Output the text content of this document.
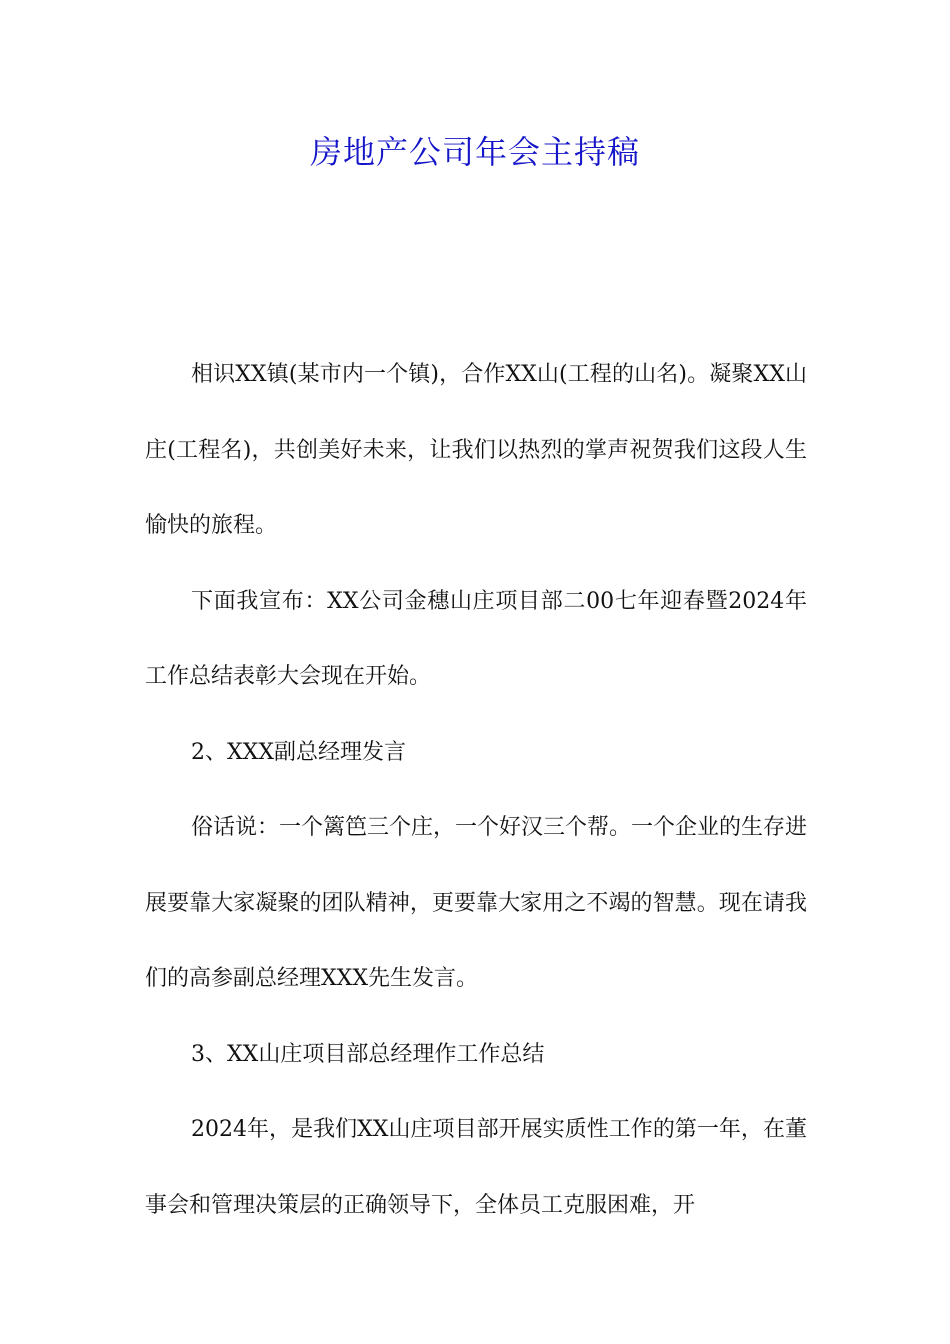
房地产公司年会主持稿

相识XX镇(某市内一个镇)，合作XX山(工程的山名)。凝聚XX山庄(工程名)，共创美好未来，让我们以热烈的掌声祝贺我们这段人生愉快的旅程。

下面我宣布：XX公司金穗山庄项目部二00七年迎春暨2024年工作总结表彰大会现在开始。

2、XXX副总经理发言

俗话说：一个篱笆三个庄，一个好汉三个帮。一个企业的生存进展要靠大家凝聚的团队精神，更要靠大家用之不竭的智慧。现在请我们的高参副总经理XXX先生发言。

3、XX山庄项目部总经理作工作总结

2024年，是我们XX山庄项目部开展实质性工作的第一年，在董事会和管理决策层的正确领导下，全体员工克服困难，开
